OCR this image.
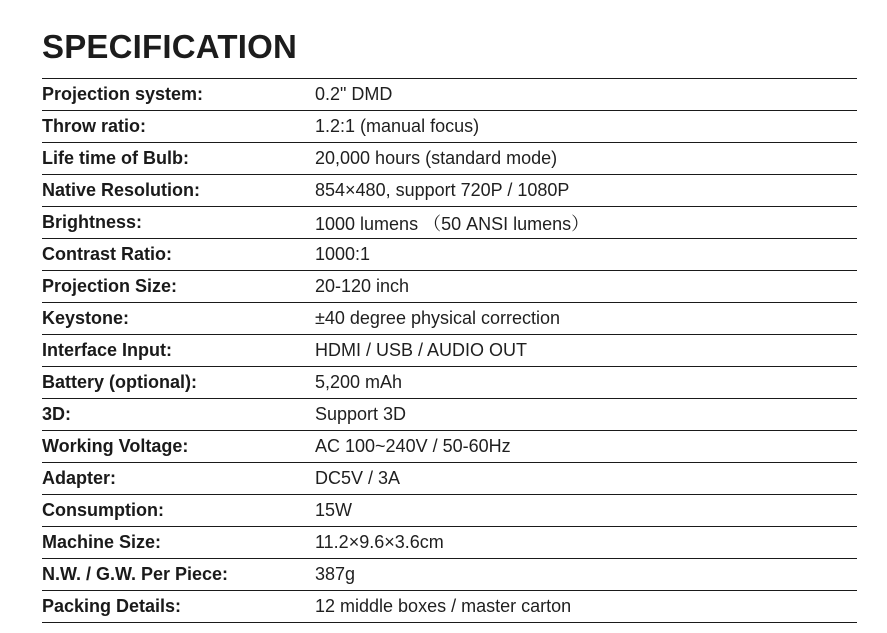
SPECIFICATION
Projection system:	0.2" DMD
Throw ratio:	1.2:1 (manual focus)
Life time of Bulb:	20,000 hours (standard mode)
Native Resolution:	854×480, support 720P / 1080P
Brightness:	1000 lumens （50 ANSI lumens）
Contrast Ratio:	1000:1
Projection Size:	20-120 inch
Keystone:	±40 degree physical correction
Interface Input:	HDMI / USB / AUDIO OUT
Battery (optional):	5,200 mAh
3D:	Support 3D
Working Voltage:	AC 100~240V / 50-60Hz
Adapter:	DC5V / 3A
Consumption:	15W
Machine Size:	11.2×9.6×3.6cm
N.W. / G.W. Per Piece:	387g
Packing Details:	12 middle boxes / master carton
